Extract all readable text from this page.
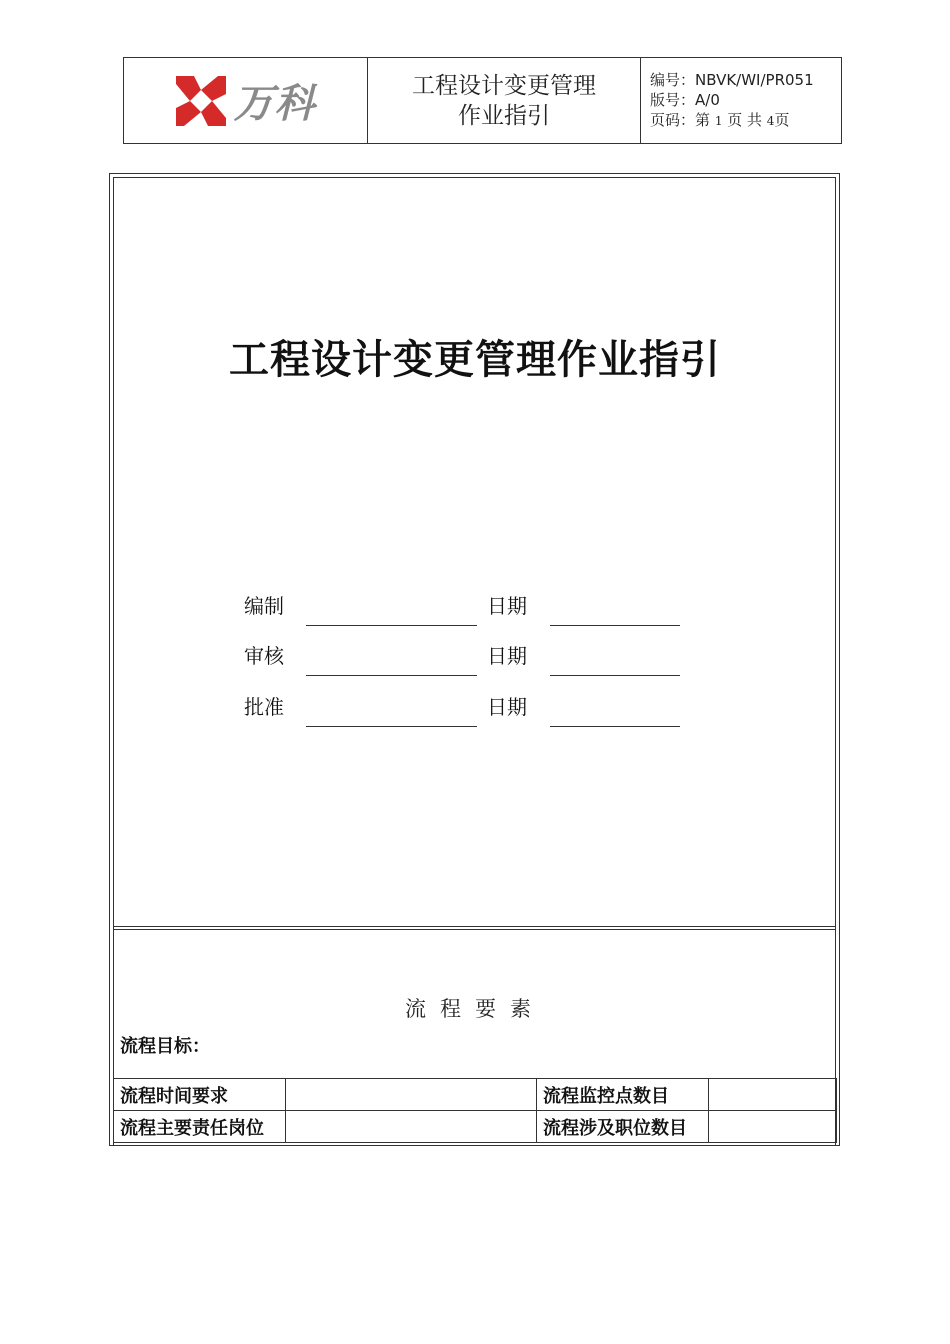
万科	工程设计变更管理
作业指引
编号：NBVK/WI/PR051
版号：A/0
页码：第 1 页 共 4页
工程设计变更管理作业指引
编制	日期
审核	日期
批准	日期
流程要素
流程目标：
流程时间要求		流程监控点数目	
流程主要责任岗位		流程涉及职位数目	
